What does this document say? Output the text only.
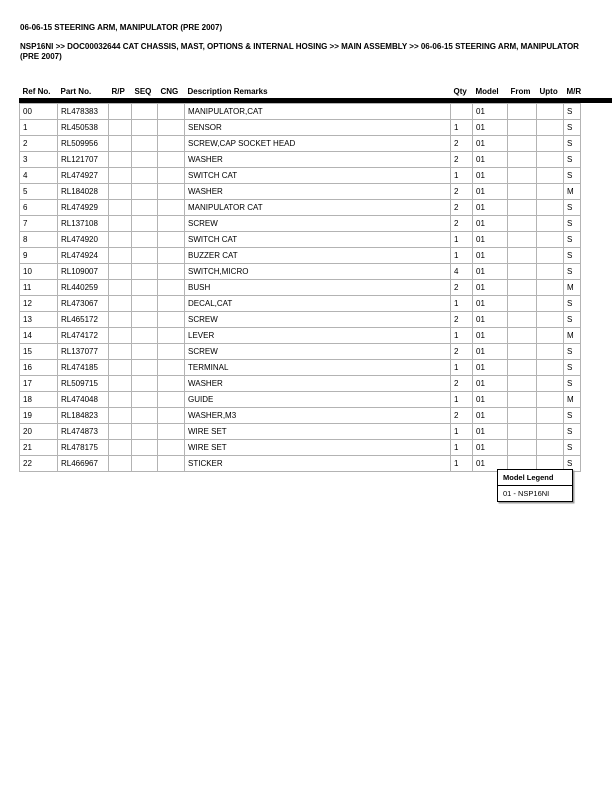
06-06-15 STEERING ARM, MANIPULATOR (PRE 2007)
NSP16NI >> DOC00032644 CAT CHASSIS, MAST, OPTIONS & INTERNAL HOSING >> MAIN ASSEMBLY >> 06-06-15 STEERING ARM, MANIPULATOR (PRE 2007)
Ref No.	Part No.	R/P	SEQ	CNG	Description Remarks	Qty	Model	From	Upto	M/R
00	RL478383				MANIPULATOR,CAT		01			S
1	RL450538				SENSOR	1	01			S
2	RL509956				SCREW,CAP SOCKET HEAD	2	01			S
3	RL121707				WASHER	2	01			S
4	RL474927				SWITCH CAT	1	01			S
5	RL184028				WASHER	2	01			M
6	RL474929				MANIPULATOR CAT	2	01			S
7	RL137108				SCREW	2	01			S
8	RL474920				SWITCH CAT	1	01			S
9	RL474924				BUZZER CAT	1	01			S
10	RL109007				SWITCH,MICRO	4	01			S
11	RL440259				BUSH	2	01			M
12	RL473067				DECAL,CAT	1	01			S
13	RL465172				SCREW	2	01			S
14	RL474172				LEVER	1	01			M
15	RL137077				SCREW	2	01			S
16	RL474185				TERMINAL	1	01			S
17	RL509715				WASHER	2	01			S
18	RL474048				GUIDE	1	01			M
19	RL184823				WASHER,M3	2	01			S
20	RL474873				WIRE SET	1	01			S
21	RL478175				WIRE SET	1	01			S
22	RL466967				STICKER	1	01			S
Model Legend
01 - NSP16NI
